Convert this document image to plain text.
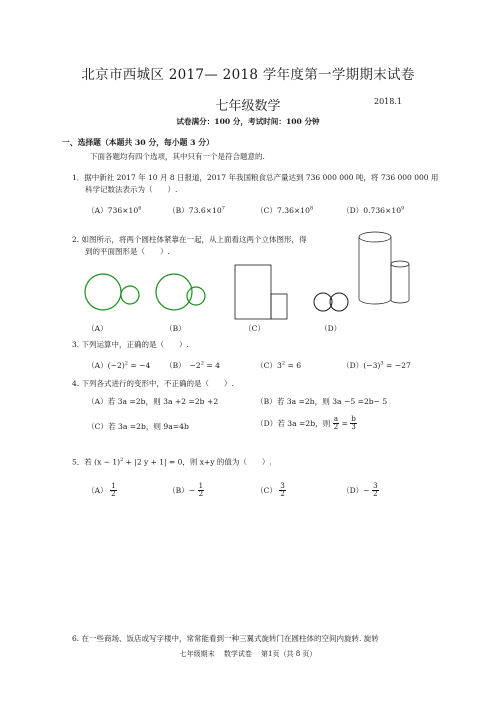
北京市西城区 2017— 2018 学年度第一学期期末试卷
七年级数学	2018.1
试卷满分：100 分，考试时间：100 分钟
一、选择题（本题共 30 分，每小题 3 分）
下面各题均有四个选项，其中只有一个是符合题意的.
1．据中新社 2017 年 10 月 8 日报道，2017 年我国粮食总产量达到 736 000 000 吨，将 736 000 000 用
科学记数法表示为（　　）.
$(A)736\times 10^6$	$(B)73.6\times 10^7$	$(C)7.36\times 10^8$	$(D)0.736\times 10^9$
2. 如图所示，将两个圆柱体紧靠在一起，从上面看这两个立体图形，得
到的平面图形是（　　）.
（A）	（B）	（C）	（D）
3. 下列运算中，正确的是（　　）.
$(A)(-2)^2 = -4$ （B）　$-2^2 = 4$	$(C)3^2 = 6$	$(D)(-3)^3 = -27$
4. 下列各式进行的变形中，不正确的是（　　）.
（A）若 3a =2b，则 3a +2 =2b +2	（B）若 3a =2b，则 3a −5 =2b− 5
（C）若 3a =2b，则 9a=4b	（D）若 3a =2b，则 $\frac{a}{2} = \frac{b}{3}$
5．若 $(x - 1)^2 + |2$ y + 1| = 0，则 x+y 的值为（　　）.
$(A) \frac{1}{2}$	$(B)- \frac{1}{2}$	$(C) \frac{3}{2}$	$(D)- \frac{3}{2}$
6. 在一些商场、饭店或写字楼中，常常能看到一种三翼式旋转门在圆柱体的空间内旋转. 旋转
七年级期末　 数学试卷　 第1页（共 8 页）
